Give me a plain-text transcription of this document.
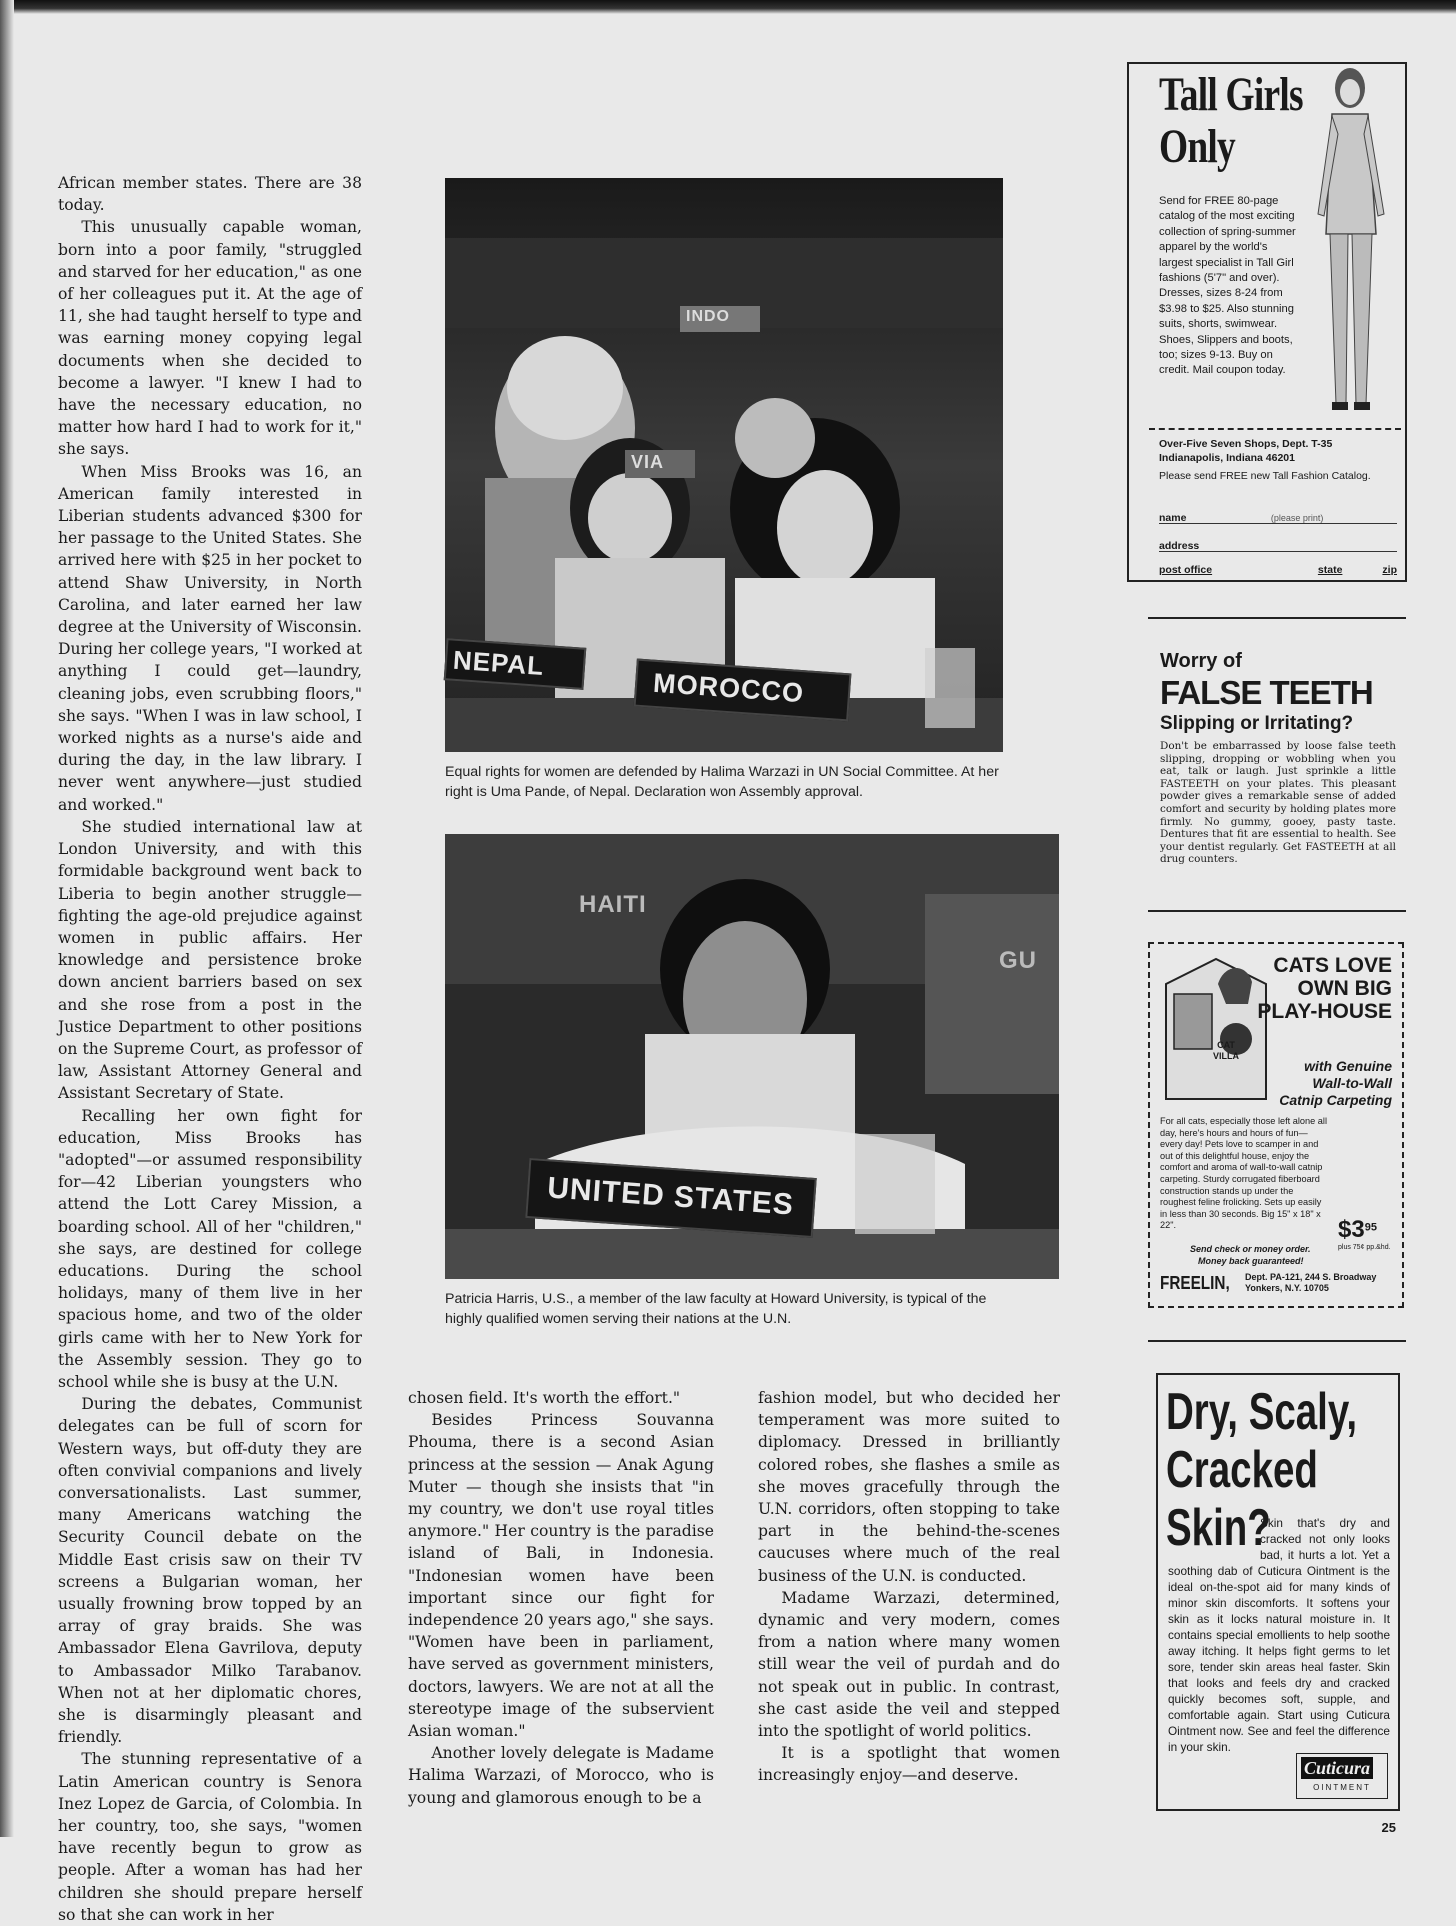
African member states. There are 38 today.

This unusually capable woman, born into a poor family, "struggled and starved for her education," as one of her colleagues put it. At the age of 11, she had taught herself to type and was earning money copying legal documents when she decided to become a lawyer. "I knew I had to have the necessary education, no matter how hard I had to work for it," she says.

When Miss Brooks was 16, an American family interested in Liberian students advanced $300 for her passage to the United States. She arrived here with $25 in her pocket to attend Shaw University, in North Carolina, and later earned her law degree at the University of Wisconsin. During her college years, "I worked at anything I could get—laundry, cleaning jobs, even scrubbing floors," she says. "When I was in law school, I worked nights as a nurse's aide and during the day, in the law library. I never went anywhere—just studied and worked."

She studied international law at London University, and with this formidable background went back to Liberia to begin another struggle—fighting the age-old prejudice against women in public affairs. Her knowledge and persistence broke down ancient barriers based on sex and she rose from a post in the Justice Department to other positions on the Supreme Court, as professor of law, Assistant Attorney General and Assistant Secretary of State.

Recalling her own fight for education, Miss Brooks has "adopted"—or assumed responsibility for—42 Liberian youngsters who attend the Lott Carey Mission, a boarding school. All of her "children," she says, are destined for college educations. During the school holidays, many of them live in her spacious home, and two of the older girls came with her to New York for the Assembly session. They go to school while she is busy at the U.N.

During the debates, Communist delegates can be full of scorn for Western ways, but off-duty they are often convivial companions and lively conversationalists. Last summer, many Americans watching the Security Council debate on the Middle East crisis saw on their TV screens a Bulgarian woman, her usually frowning brow topped by an array of gray braids. She was Ambassador Elena Gavrilova, deputy to Ambassador Milko Tarabanov. When not at her diplomatic chores, she is disarmingly pleasant and friendly.

The stunning representative of a Latin American country is Senora Inez Lopez de Garcia, of Colombia. In her country, too, she says, "women have recently begun to grow as people. After a woman has had her children she should prepare herself so that she can work in her

NEPAL
MOROCCO
INDO
VIA
Equal rights for women are defended by Halima Warzazi in UN Social Committee. At her right is Uma Pande, of Nepal. Declaration won Assembly approval.
UNITED STATES
HAITI
GU
Patricia Harris, U.S., a member of the law faculty at Howard University, is typical of the highly qualified women serving their nations at the U.N.

chosen field. It's worth the effort."

Besides Princess Souvanna Phouma, there is a second Asian princess at the session — Anak Agung Muter — though she insists that "in my country, we don't use royal titles anymore." Her country is the paradise island of Bali, in Indonesia. "Indonesian women have been important since our fight for independence 20 years ago," she says. "Women have been in parliament, have served as government ministers, doctors, lawyers. We are not at all the stereotype image of the subservient Asian woman."

Another lovely delegate is Madame Halima Warzazi, of Morocco, who is young and glamorous enough to be a

fashion model, but who decided her temperament was more suited to diplomacy. Dressed in brilliantly colored robes, she flashes a smile as she moves gracefully through the U.N. corridors, often stopping to take part in the behind-the-scenes caucuses where much of the real business of the U.N. is conducted.

Madame Warzazi, determined, dynamic and very modern, comes from a nation where many women still wear the veil of purdah and do not speak out in public. In contrast, she cast aside the veil and stepped into the spotlight of world politics.

It is a spotlight that women increasingly enjoy—and deserve.

Tall Girls
Only
Send for FREE 80-page catalog of the most exciting collection of spring-summer apparel by the world's largest specialist in Tall Girl fashions (5'7" and over). Dresses, sizes 8-24 from $3.98 to $25. Also stunning suits, shorts, swimwear. Shoes, Slippers and boots, too; sizes 9-13. Buy on credit. Mail coupon today.
Over-Five Seven Shops, Dept. T-35
Indianapolis, Indiana 46201
Please send FREE new Tall Fashion Catalog.
name	(please print)
address
post office	state	zip
Worry of
FALSE TEETH
Slipping or Irritating?
Don't be embarrassed by loose false teeth slipping, dropping or wobbling when you eat, talk or laugh. Just sprinkle a little FASTEETH on your plates. This pleasant powder gives a remarkable sense of added comfort and security by holding plates more firmly. No gummy, gooey, pasty taste. Dentures that fit are essential to health. See your dentist regularly. Get FASTEETH at all drug counters.
CAT VILLA
CATS LOVE OWN BIG PLAY-HOUSE
with Genuine
Wall-to-Wall
Catnip Carpeting
For all cats, especially those left alone all day, here's hours and hours of fun—every day! Pets love to scamper in and out of this delightful house, enjoy the comfort and aroma of wall-to-wall catnip carpeting. Sturdy corrugated fiberboard construction stands up under the roughest feline frolicking. Sets up easily in less than 30 seconds. Big 15" x 18" x 22".	$\$3^{95}$
plus 75¢ pp.&hd.
Send check or money order.
Money back guaranteed!
FREELIN, Dept. PA-121, 244 S. Broadway
Yonkers, N.Y. 10705
Dry, Scaly,
Cracked
Skin?
Skin that's dry and cracked not only looks bad, it hurts a lot. Yet a soothing dab of Cuticura Ointment is the ideal on-the-spot aid for many kinds of minor skin discomforts. It softens your skin as it locks natural moisture in. It contains special emollients to help soothe away itching. It helps fight germs to let sore, tender skin areas heal faster. Skin that looks and feels dry and cracked quickly becomes soft, supple, and comfortable again. Start using Cuticura Ointment now. See and feel the difference in your skin.
Cuticura
OINTMENT
25
